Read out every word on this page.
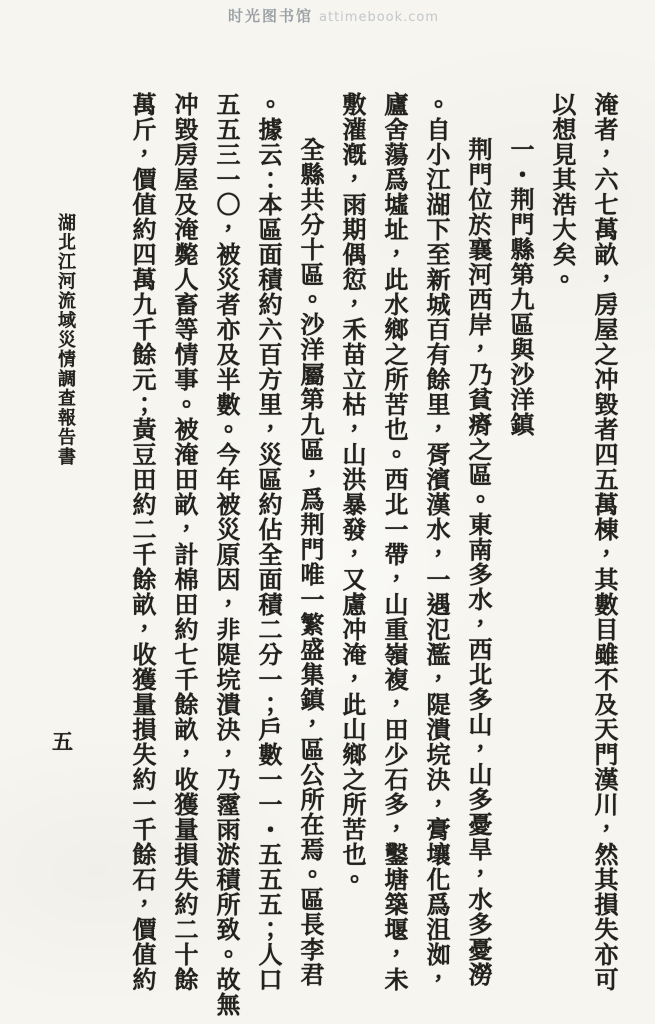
时光图书馆 attimebook.com
淹者，六七萬畝，房屋之冲毀者四五萬棟，其數目雖不及天門漢川，然其損失亦可
以想見其浩大矣。
一・荆門縣第九區與沙洋鎮
荆門位於襄河西岸，乃貧瘠之區。東南多水，西北多山，山多憂旱，水多憂澇
。自小江湖下至新城百有餘里，胥濱漢水，一遇氾濫，隄潰垸決，膏壤化爲沮洳，
廬舍蕩爲墟址，此水鄉之所苦也。西北一帶，山重嶺複，田少石多，鑿塘築堰，未
敷灌漑，雨期偶愆，禾苗立枯，山洪暴發，又慮冲淹，此山鄉之所苦也。
全縣共分十區。沙洋屬第九區，爲荆門唯一繁盛集鎮，區公所在焉。區長李君
。據云：本區面積約六百方里，災區約佔全面積二分一；戶數一一・五五五；人口
五五三一〇，被災者亦及半數。今年被災原因，非隄垸潰決，乃霪雨淤積所致。故無
冲毀房屋及淹斃人畜等情事。被淹田畝，計棉田約七千餘畝，收獲量損失約二十餘
萬斤，價值約四萬九千餘元；黃豆田約二千餘畝，收獲量損失約一千餘石，價值約
湖北江河流域災情調查報告書
五
